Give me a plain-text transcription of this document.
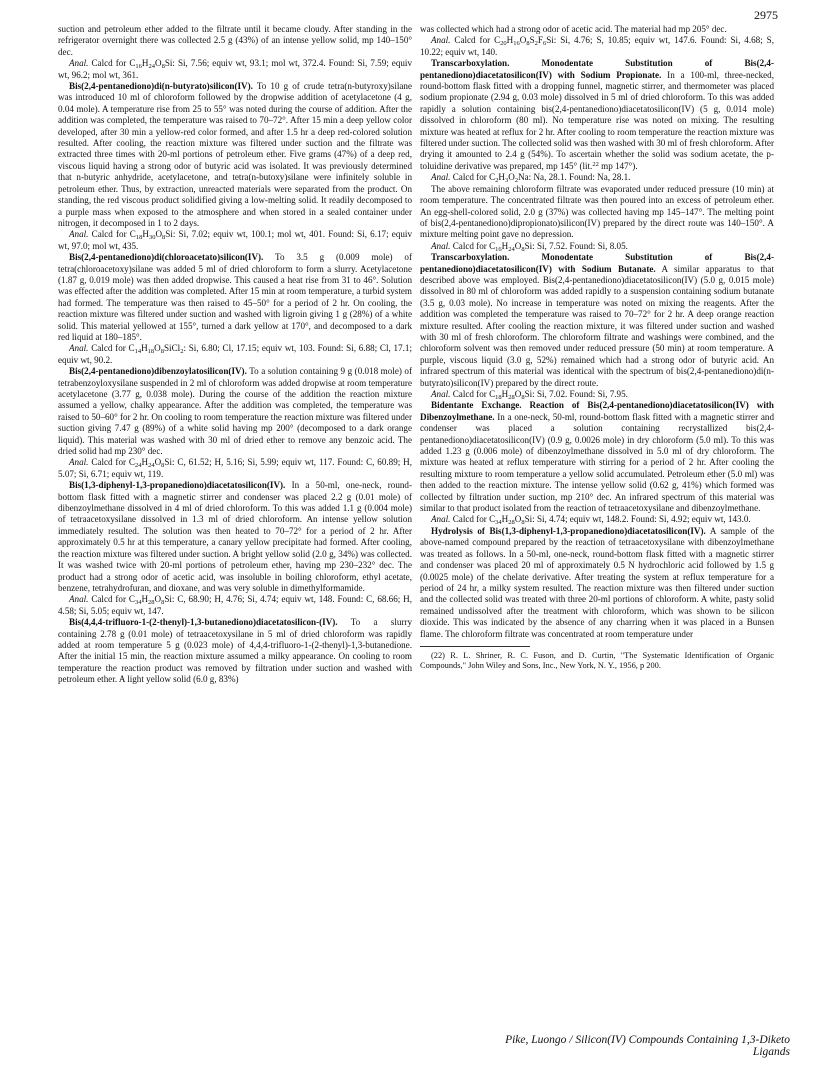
2975

suction and petroleum ether added to the filtrate until it became cloudy. After standing in the refrigerator overnight there was collected 2.5 g (43%) of an intense yellow solid, mp 140–150° dec.

Anal. Calcd for $C_{16}H_{24}O_8Si$: Si, 7.56; equiv wt, 93.1; mol wt, 372.4. Found: Si, 7.59; equiv wt, 96.2; mol wt, 361.

Bis(2,4-pentanediono)di(n-butyrato)silicon(IV). To 10 g of crude tetra(n-butyroxy)silane was introduced 10 ml of chloroform followed by the dropwise addition of acetylacetone (4 g, 0.04 mole). A temperature rise from 25 to 55° was noted during the course of addition. After the addition was completed, the temperature was raised to 70–72°. After 15 min a deep yellow color developed, after 30 min a yellow-red color formed, and after 1.5 hr a deep red-colored solution resulted. After cooling, the reaction mixture was filtered under suction and the filtrate was extracted three times with 20-ml portions of petroleum ether. Five grams (47%) of a deep red, viscous liquid having a strong odor of butyric acid was isolated. It was previously determined that n-butyric anhydride, acetylacetone, and tetra(n-butoxy)silane were infinitely soluble in petroleum ether. Thus, by extraction, unreacted materials were separated from the product. On standing, the red viscous product solidified giving a low-melting solid. It readily decomposed to a purple mass when exposed to the atmosphere and when stored in a sealed container under nitrogen, it decomposed in 1 to 2 days.

Anal. Calcd for $C_{18}H_{30}O_8Si$: Si, 7.02; equiv wt, 100.1; mol wt, 401. Found: Si, 6.17; equiv wt, 97.0; mol wt, 435.

Bis(2,4-pentanediono)di(chloroacetato)silicon(IV). To 3.5 g (0.009 mole) of tetra(chloroacetoxy)silane was added 5 ml of dried chloroform to form a slurry. Acetylacetone (1.87 g, 0.019 mole) was then added dropwise. This caused a heat rise from 31 to 46°. Solution was effected after the addition was completed. After 15 min at room temperature, a turbid system had formed. The temperature was then raised to 45–50° for a period of 2 hr. On cooling, the reaction mixture was filtered under suction and washed with ligroin giving 1 g (28%) of a white solid. This material yellowed at 155°, turned a dark yellow at 170°, and decomposed to a dark red liquid at 180–185°.

Anal. Calcd for $C_{14}H_{18}O_8SiCl_2$: Si, 6.80; Cl, 17.15; equiv wt, 103. Found: Si, 6.88; Cl, 17.1; equiv wt, 90.2.

Bis(2,4-pentanediono)dibenzoylatosilicon(IV). To a solution containing 9 g (0.018 mole) of tetrabenzoyloxysilane suspended in 2 ml of chloroform was added dropwise at room temperature acetylacetone (3.77 g, 0.038 mole). During the course of the addition the reaction mixture assumed a yellow, chalky appearance. After the addition was completed, the temperature was raised to 50–60° for 2 hr. On cooling to room temperature the reaction mixture was filtered under suction giving 7.47 g (89%) of a white solid having mp 200° (decomposed to a dark orange liquid). This material was washed with 30 ml of dried ether to remove any benzoic acid. The dried solid had mp 230° dec.

Anal. Calcd for $C_{24}H_{24}O_8Si$: C, 61.52; H, 5.16; Si, 5.99; equiv wt, 117. Found: C, 60.89; H, 5.07; Si, 6.71; equiv wt, 119.

Bis(1,3-diphenyl-1,3-propanediono)diacetatosilicon(IV). In a 50-ml, one-neck, round-bottom flask fitted with a magnetic stirrer and condenser was placed 2.2 g (0.01 mole) of dibenzoylmethane dissolved in 4 ml of dried chloroform. To this was added 1.1 g (0.004 mole) of tetraacetoxysilane dissolved in 1.3 ml of dried chloroform. An intense yellow solution immediately resulted. The solution was then heated to 70–72° for a period of 2 hr. After approximately 0.5 hr at this temperature, a canary yellow precipitate had formed. After cooling, the reaction mixture was filtered under suction. A bright yellow solid (2.0 g, 34%) was collected. It was washed twice with 20-ml portions of petroleum ether, having mp 230–232° dec. The product had a strong odor of acetic acid, was insoluble in boiling chloroform, ethyl acetate, benzene, tetrahydrofuran, and dioxane, and was very soluble in dimethylformamide.

Anal. Calcd for $C_{34}H_{28}O_8Si$: C, 68.90; H, 4.76; Si, 4.74; equiv wt, 148. Found: C, 68.66; H, 4.58; Si, 5.05; equiv wt, 147.

Bis(4,4,4-trifluoro-1-(2-thenyl)-1,3-butanediono)diacetatosilicon-(IV). To a slurry containing 2.78 g (0.01 mole) of tetraacetoxysilane in 5 ml of dried chloroform was rapidly added at room temperature 5 g (0.023 mole) of 4,4,4-trifluoro-1-(2-thenyl)-1,3-butanedione. After the initial 15 min, the reaction mixture assumed a milky appearance. On cooling to room temperature the reaction product was removed by filtration under suction and washed with petroleum ether. A light yellow solid (6.0 g, 83%)

was collected which had a strong odor of acetic acid. The material had mp 205° dec.

Anal. Calcd for $C_{20}H_{16}O_8S_2F_6Si$: Si, 4.76; S, 10.85; equiv wt, 147.6. Found: Si, 4.68; S, 10.22; equiv wt, 140.

Transcarboxylation. Monodentate Substitution of Bis(2,4-pentanediono)diacetatosilicon(IV) with Sodium Propionate. In a 100-ml, three-necked, round-bottom flask fitted with a dropping funnel, magnetic stirrer, and thermometer was placed sodium propionate (2.94 g, 0.03 mole) dissolved in 5 ml of dried chloroform. To this was added rapidly a solution containing bis(2,4-pentanediono)diacetatosilicon(IV) (5 g, 0.014 mole) dissolved in chloroform (80 ml). No temperature rise was noted on mixing. The resulting mixture was heated at reflux for 2 hr. After cooling to room temperature the reaction mixture was filtered under suction. The collected solid was then washed with 30 ml of fresh chloroform. After drying it amounted to 2.4 g (54%). To ascertain whether the solid was sodium acetate, the p-toluidine derivative was prepared, mp 145° (lit.$^{22}$ mp 147°).

Anal. Calcd for $C_2H_3O_2Na$: Na, 28.1. Found: Na, 28.1.

The above remaining chloroform filtrate was evaporated under reduced pressure (10 min) at room temperature. The concentrated filtrate was then poured into an excess of petroleum ether. An egg-shell-colored solid, 2.0 g (37%) was collected having mp 145–147°. The melting point of bis(2,4-pentanediono)dipropionato)silicon(IV) prepared by the direct route was 140–150°. A mixture melting point gave no depression.

Anal. Calcd for $C_{16}H_{24}O_8Si$: Si, 7.52. Found: Si, 8.05.

Transcarboxylation. Monodentate Substitution of Bis(2,4-pentanediono)diacetatosilicon(IV) with Sodium Butanate. A similar apparatus to that described above was employed. Bis(2,4-pentanediono)diacetatosilicon(IV) (5.0 g, 0.015 mole) dissolved in 80 ml of chloroform was added rapidly to a suspension containing sodium butanate (3.5 g, 0.03 mole). No increase in temperature was noted on mixing the reagents. After the addition was completed the temperature was raised to 70–72° for 2 hr. A deep orange reaction mixture resulted. After cooling the reaction mixture, it was filtered under suction and washed with 30 ml of fresh chloroform. The chloroform filtrate and washings were combined, and the chloroform solvent was then removed under reduced pressure (50 min) at room temperature. A purple, viscous liquid (3.0 g, 52%) remained which had a strong odor of butyric acid. An infrared spectrum of this material was identical with the spectrum of bis(2,4-pentanediono)di(n-butyrato)silicon(IV) prepared by the direct route.

Anal. Calcd for $C_{18}H_{28}O_8Si$: Si, 7.02. Found: Si, 7.95.

Bidentante Exchange. Reaction of Bis(2,4-pentanediono)diacetatosilicon(IV) with Dibenzoylmethane. In a one-neck, 50-ml, round-bottom flask fitted with a magnetic stirrer and condenser was placed a solution containing recrystallized bis(2,4-pentanediono)diacetatosilicon(IV) (0.9 g, 0.0026 mole) in dry chloroform (5.0 ml). To this was added 1.23 g (0.006 mole) of dibenzoylmethane dissolved in 5.0 ml of dry chloroform. The mixture was heated at reflux temperature with stirring for a period of 2 hr. After cooling the resulting mixture to room temperature a yellow solid accumulated. Petroleum ether (5.0 ml) was then added to the reaction mixture. The intense yellow solid (0.62 g, 41%) which formed was collected by filtration under suction, mp 210° dec. An infrared spectrum of this material was similar to that product isolated from the reaction of tetraacetoxysilane and dibenzoylmethane.

Anal. Calcd for $C_{34}H_{28}O_8Si$: Si, 4.74; equiv wt, 148.2. Found: Si, 4.92; equiv wt, 143.0.

Hydrolysis of Bis(1,3-diphenyl-1,3-propanediono)diacetatosilicon(IV). A sample of the above-named compound prepared by the reaction of tetraacetoxysilane with dibenzoylmethane was treated as follows. In a 50-ml, one-neck, round-bottom flask fitted with a magnetic stirrer and condenser was placed 20 ml of approximately 0.5 N hydrochloric acid followed by 1.5 g (0.0025 mole) of the chelate derivative. After treating the system at reflux temperature for a period of 24 hr, a milky system resulted. The reaction mixture was then filtered under suction and the collected solid was treated with three 20-ml portions of chloroform. A white, pasty solid remained undissolved after the treatment with chloroform, which was shown to be silicon dioxide. This was indicated by the absence of any charring when it was placed in a Bunsen flame. The chloroform filtrate was concentrated at room temperature under

(22) R. L. Shriner, R. C. Fuson, and D. Curtin, "The Systematic Identification of Organic Compounds," John Wiley and Sons, Inc., New York, N. Y., 1956, p 200.

Pike, Luongo / Silicon(IV) Compounds Containing 1,3-Diketo Ligands
